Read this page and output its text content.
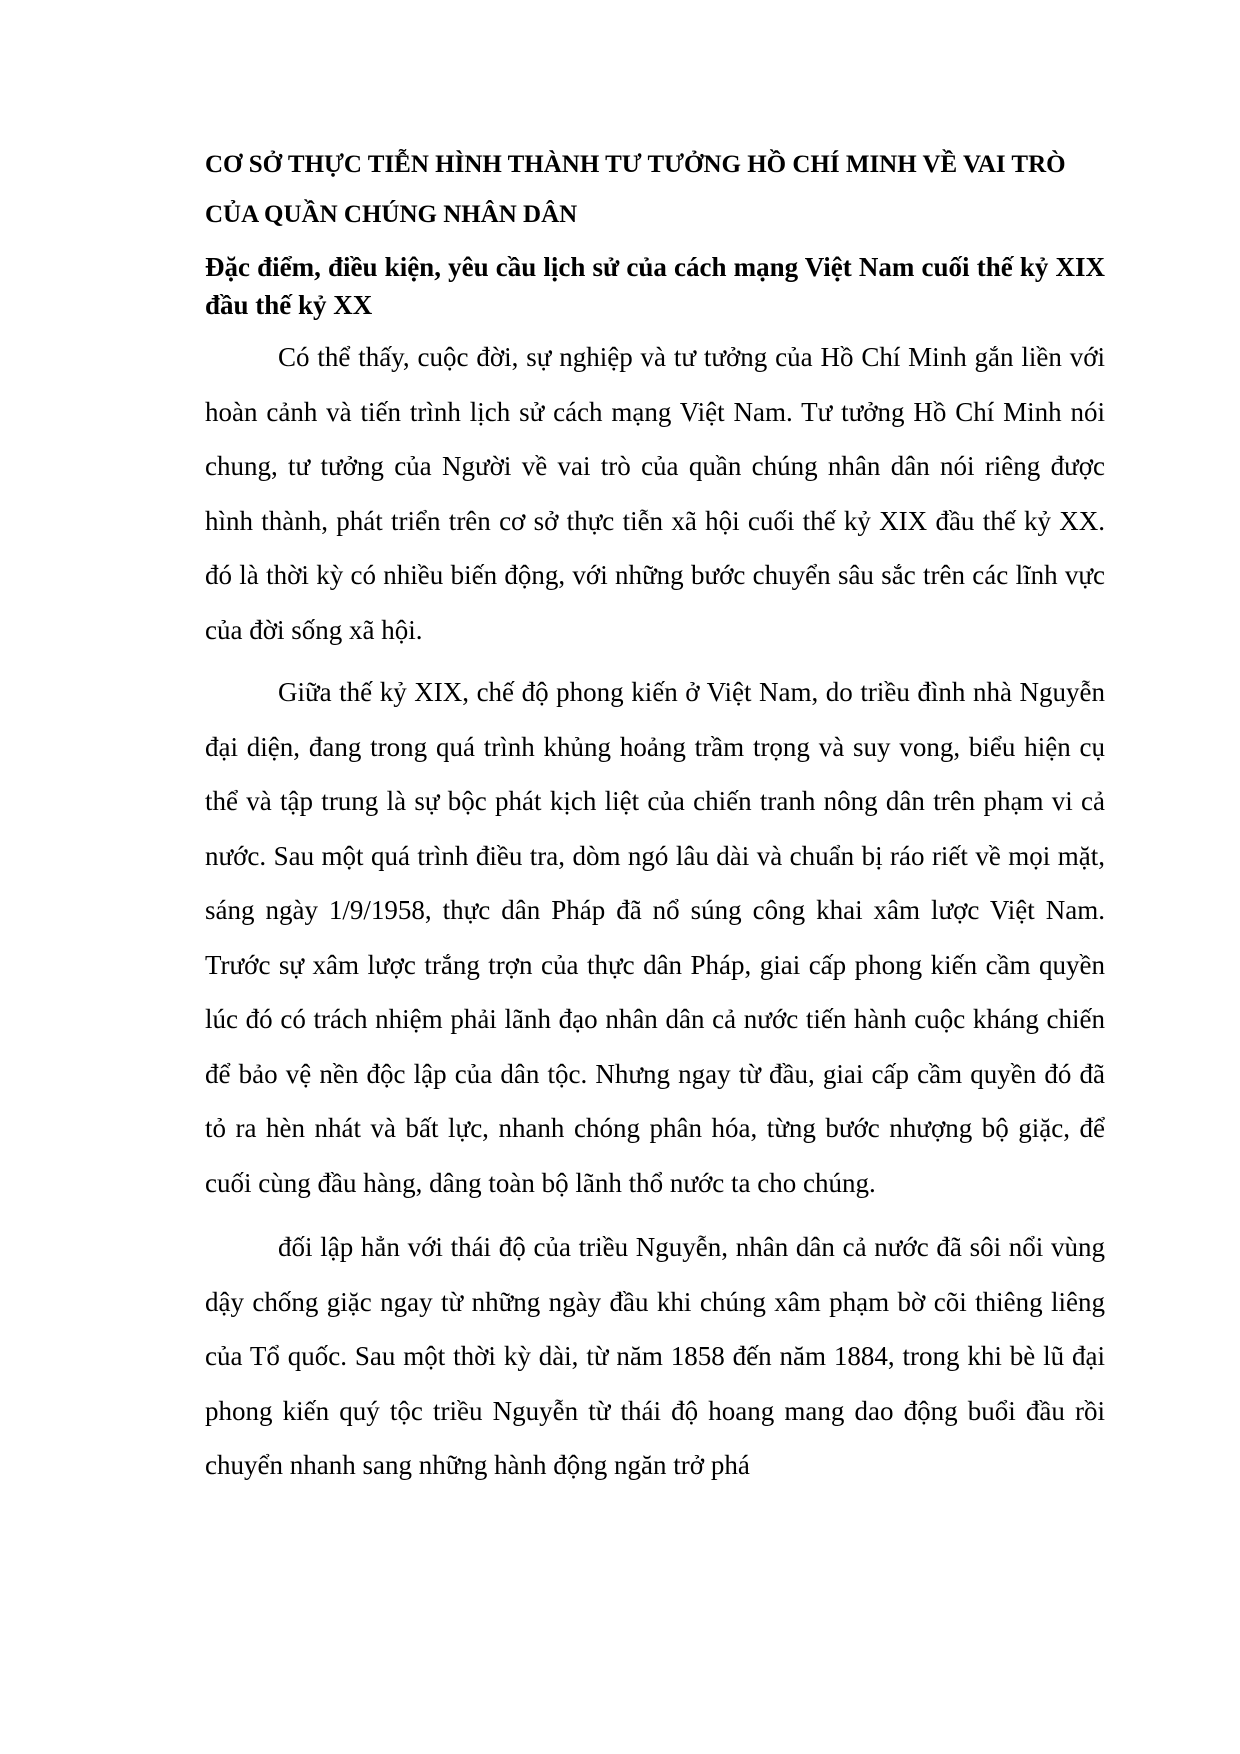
CƠ SỞ THỰC TIỄN HÌNH THÀNH TƯ TƯỞNG HỒ CHÍ MINH VỀ VAI TRÒ CỦA QUẦN CHÚNG NHÂN DÂN
Đặc điểm, điều kiện, yêu cầu lịch sử của cách mạng Việt Nam cuối thế kỷ XIX đầu thế kỷ XX

Có thể thấy, cuộc đời, sự nghiệp và tư tưởng của Hồ Chí Minh gắn liền với hoàn cảnh và tiến trình lịch sử cách mạng Việt Nam. Tư tưởng Hồ Chí Minh nói chung, tư tưởng của Người về vai trò của quần chúng nhân dân nói riêng được hình thành, phát triển trên cơ sở thực tiễn xã hội cuối thế kỷ XIX đầu thế kỷ XX. đó là thời kỳ có nhiều biến động, với những bước chuyển sâu sắc trên các lĩnh vực của đời sống xã hội.

Giữa thế kỷ XIX, chế độ phong kiến ở Việt Nam, do triều đình nhà Nguyễn đại diện, đang trong quá trình khủng hoảng trầm trọng và suy vong, biểu hiện cụ thể và tập trung là sự bộc phát kịch liệt của chiến tranh nông dân trên phạm vi cả nước. Sau một quá trình điều tra, dòm ngó lâu dài và chuẩn bị ráo riết về mọi mặt, sáng ngày 1/9/1958, thực dân Pháp đã nổ súng công khai xâm lược Việt Nam. Trước sự xâm lược trắng trợn của thực dân Pháp, giai cấp phong kiến cầm quyền lúc đó có trách nhiệm phải lãnh đạo nhân dân cả nước tiến hành cuộc kháng chiến để bảo vệ nền độc lập của dân tộc. Nhưng ngay từ đầu, giai cấp cầm quyền đó đã tỏ ra hèn nhát và bất lực, nhanh chóng phân hóa, từng bước nhượng bộ giặc, để cuối cùng đầu hàng, dâng toàn bộ lãnh thổ nước ta cho chúng.

đối lập hẳn với thái độ của triều Nguyễn, nhân dân cả nước đã sôi nổi vùng dậy chống giặc ngay từ những ngày đầu khi chúng xâm phạm bờ cõi thiêng liêng của Tổ quốc. Sau một thời kỳ dài, từ năm 1858 đến năm 1884, trong khi bè lũ đại phong kiến quý tộc triều Nguyễn từ thái độ hoang mang dao động buổi đầu rồi chuyển nhanh sang những hành động ngăn trở phá
